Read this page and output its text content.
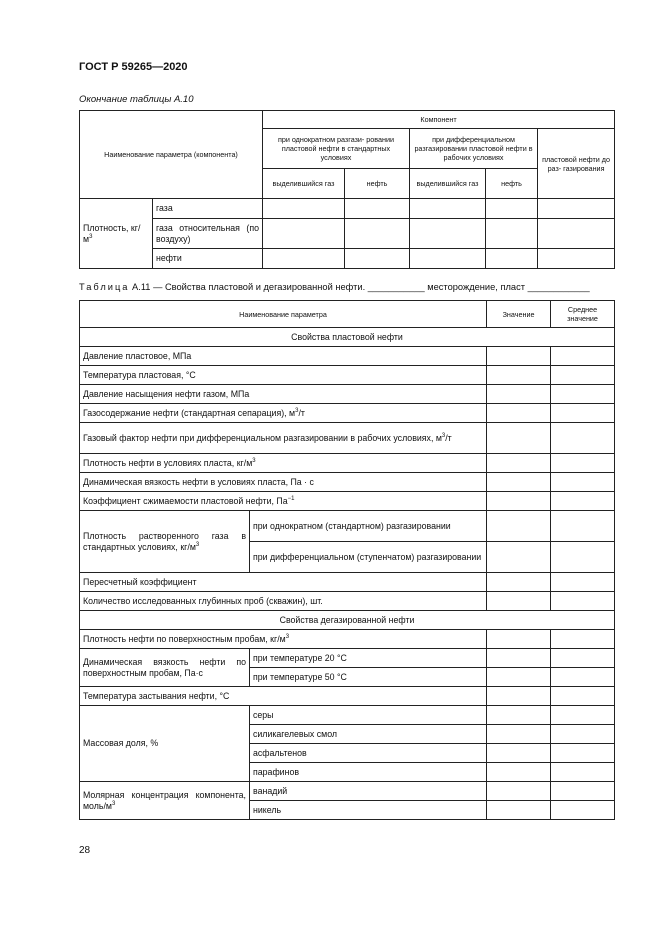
ГОСТ Р 59265—2020
Окончание таблицы А.10
Наименование параметра (компонента)		Компонент				
		при однократном разгази- ровании пластовой нефти в стандартных условиях		при дифференциальном разгазировании пластовой нефти в рабочих условиях		пластовой нефти до раз- газирования
		выделившийся газ	нефть	выделившийся газ	нефть	
Плотность, $кг/м^3$	газа					
	газа относительная (по воздуху)					
	нефти					
Таблица А.11 — Свойства пластовой и дегазированной нефти. ___________ месторождение, пласт ____________
Наименование параметра		Значение	Среднее значение
Свойства пластовой нефти			
Давление пластовое, МПа			
Температура пластовая, °С			
Давление насыщения нефти газом, МПа			
Газосодержание нефти (стандартная сепарация), $м^3/т$			
Газовый фактор нефти при дифференциальном разгазировании в рабочих условиях, $м^3/т$			
Плотность нефти в условиях пласта, $кг/м^3$		
Динамическая вязкость нефти в условиях пласта, Па · с			
Коэффициент сжимаемости пластовой нефти, $Па^{-1}$		
Плотность растворенного газа в стандартных условиях, $кг/м^3$	при однократном (стандартном) разгазировании		
	при дифференциальном (ступенчатом) разгазировании		
Пересчетный коэффициент			
Количество исследованных глубинных проб (скважин), шт.			
Свойства дегазированной нефти			
Плотность нефти по поверхностным пробам, $кг/м^3$		
Динамическая вязкость нефти по поверхностным пробам, Па·с	при температуре 20 °С		
	при температуре 50 °С		
Температура застывания нефти, °С			
Массовая доля, %	серы		
	силикагелевых смол		
	асфальтенов		
	парафинов		
Молярная концентрация компонента, моль/$м^3$	ванадий		
	никель		
28
